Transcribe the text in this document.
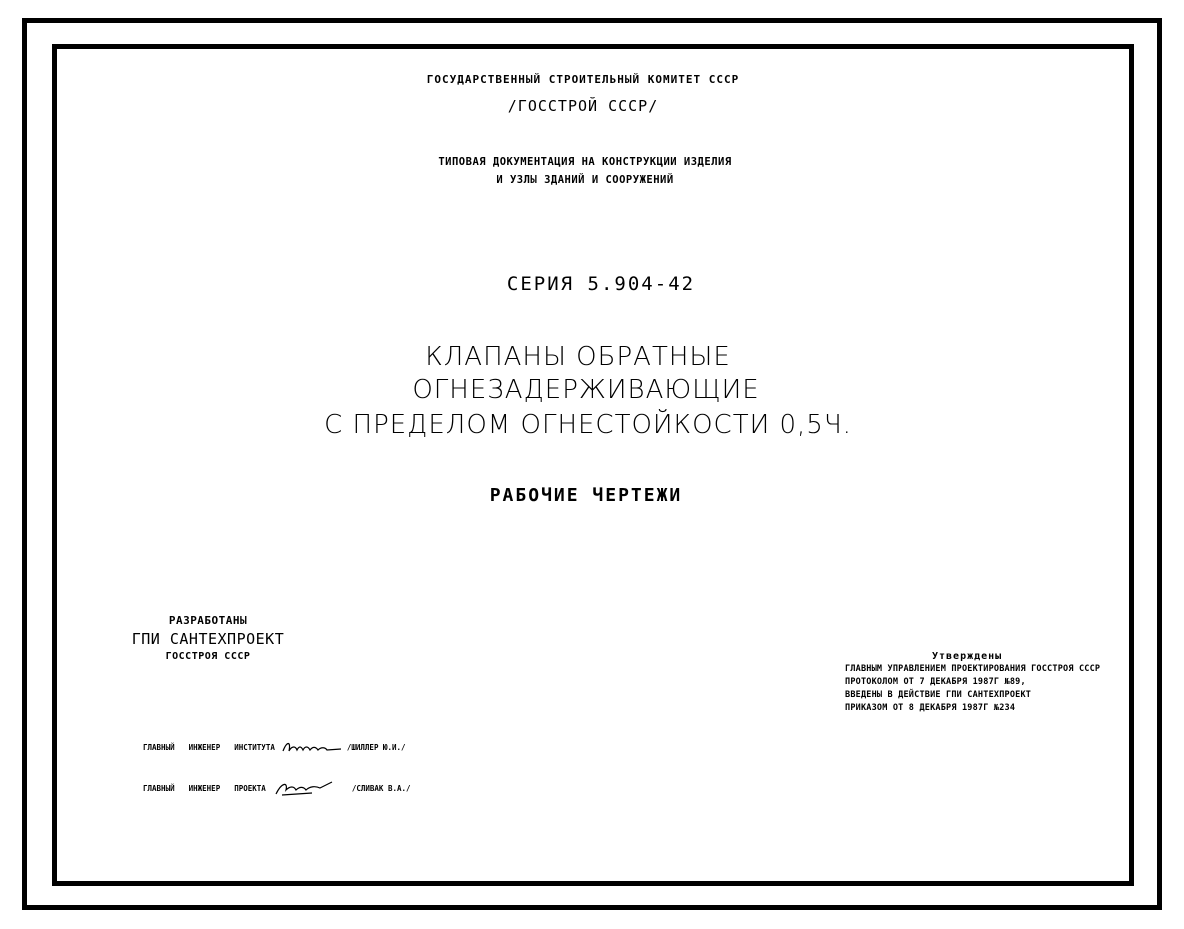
ГОСУДАРСТВЕННЫЙ СТРОИТЕЛЬНЫЙ КОМИТЕТ СССР
/ГОССТРОЙ СССР/
ТИПОВАЯ ДОКУМЕНТАЦИЯ НА КОНСТРУКЦИИ ИЗДЕЛИЯ
И УЗЛЫ ЗДАНИЙ И СООРУЖЕНИЙ
СЕРИЯ 5.904-42
КЛАПАНЫ ОБРАТНЫЕ
ОГНЕЗАДЕРЖИВАЮЩИЕ
С ПРЕДЕЛОМ ОГНЕСТОЙКОСТИ 0,5Ч.
РАБОЧИЕ ЧЕРТЕЖИ
РАЗРАБОТАНЫ
ГПИ САНТЕХПРОЕКТ
ГОССТРОЯ СССР	Утверждены
ГЛАВНЫМ УПРАВЛЕНИЕМ ПРОЕКТИРОВАНИЯ ГОССТРОЯ СССР
ПРОТОКОЛОМ ОТ 7 ДЕКАБРЯ 1987Г №89,
ВВЕДЕНЫ В ДЕЙСТВИЕ ГПИ САНТЕХПРОЕКТ
ПРИКАЗОМ ОТ 8 ДЕКАБРЯ 1987Г №234
ГЛАВНЫЙ ИНЖЕНЕР ИНСТИТУТА	/ШИЛЛЕР Ю.И./
ГЛАВНЫЙ ИНЖЕНЕР ПРОЕКТА	/СЛИВАК В.А./
